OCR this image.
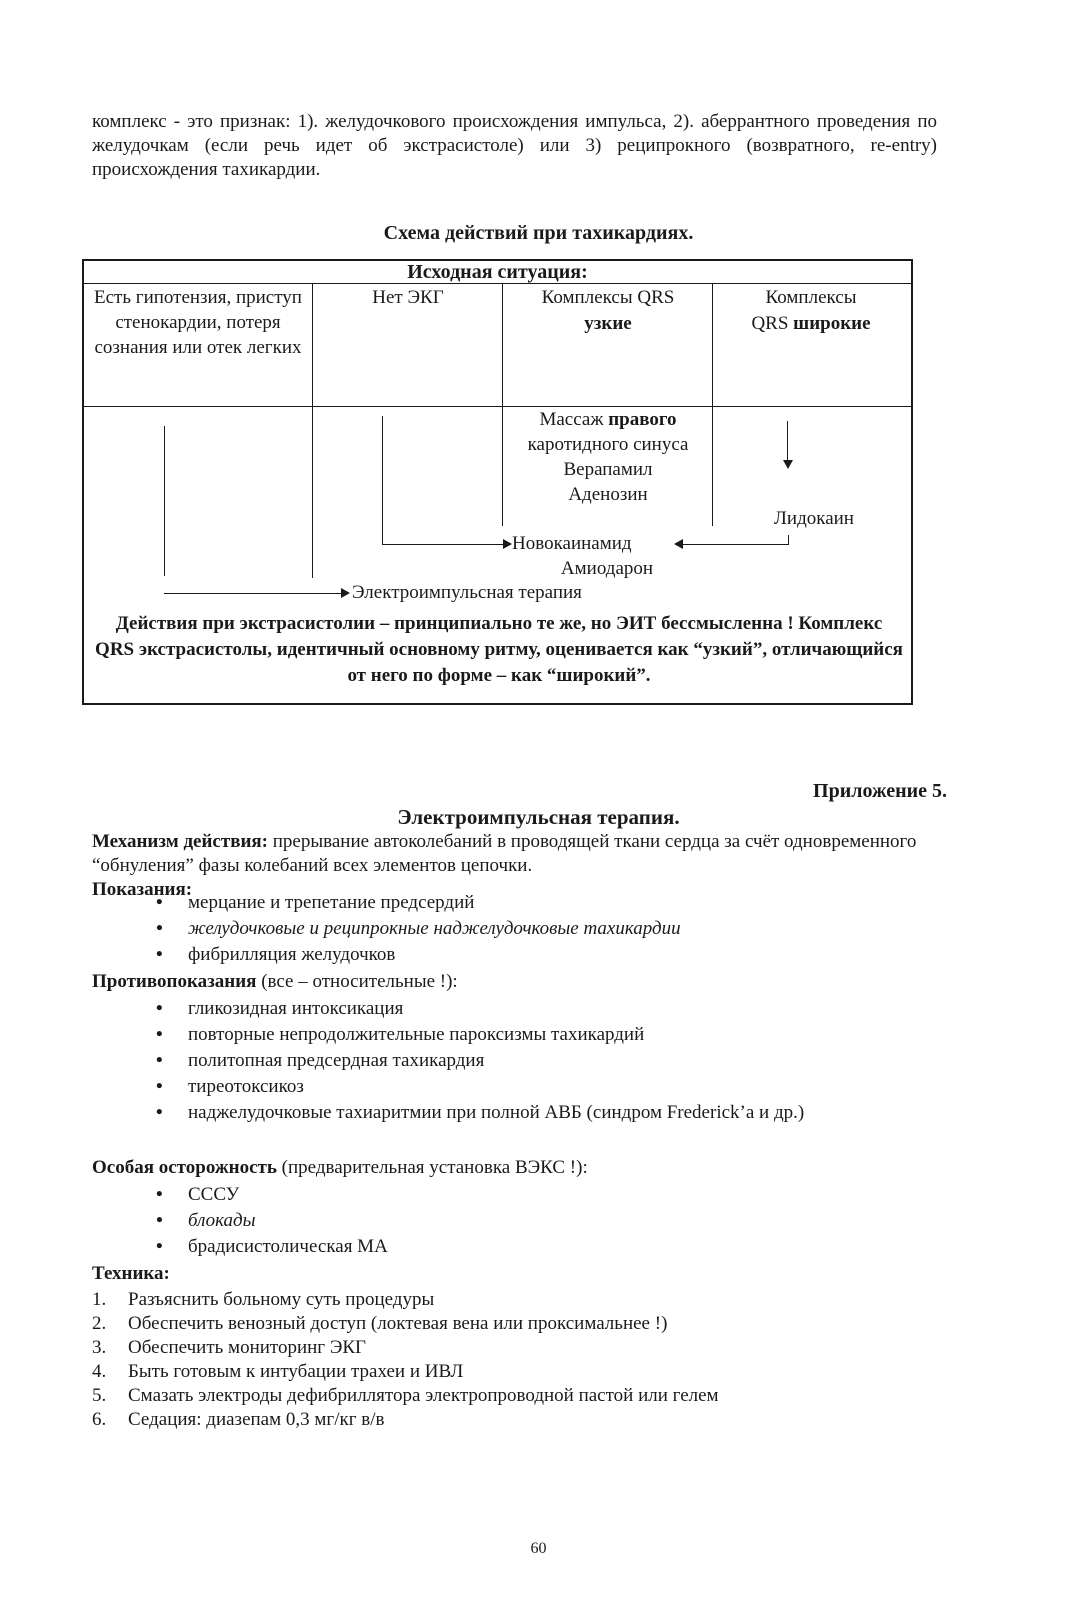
комплекс - это признак: 1). желудочкового происхождения импульса, 2). аберрантного проведения по желудочкам (если речь идет об экстрасистоле) или 3) реципрокного (возвратного, re-entry) происхождения тахикардии.
Схема действий при тахикардиях.
Исходная ситуация:
Есть гипотензия, приступ стенокардии, потеря сознания или отек легких
Нет ЭКГ	Комплексы QRS
узкие
Комплексы
QRS широкие
Массаж правого
каротидного синуса
Верапамил
Аденозин
Лидокаин
Новокаинамид
Амиодарон
Электроимпульсная терапия
Действия при экстрасистолии – принципиально те же, но ЭИТ бессмысленна ! Комплекс QRS экстрасистолы, идентичный основному ритму, оценивается как “узкий”, отличающийся от него по форме – как “широкий”.
Приложение 5.
Электроимпульсная терапия.
Механизм действия: прерывание автоколебаний в проводящей ткани сердца за счёт одновременного “обнуления” фазы колебаний всех элементов цепочки.
Показания:
• мерцание и трепетание предсердий
• желудочковые и реципрокные наджелудочковые тахикардии
• фибрилляция желудочков
Противопоказания (все – относительные !):
• гликозидная интоксикация
• повторные непродолжительные пароксизмы тахикардий
• политопная предсердная тахикардия
• тиреотоксикоз
• наджелудочковые тахиаритмии при полной АВБ (синдром Frederick’a и др.)
Особая осторожность (предварительная установка ВЭКС !):
• СССУ
• блокады
• брадисистолическая МА
Техника:
1. Разъяснить больному суть процедуры
2. Обеспечить венозный доступ (локтевая вена или проксимальнее !)
3. Обеспечить мониторинг ЭКГ
4. Быть готовым к интубации трахеи и ИВЛ
5. Смазать электроды дефибриллятора электропроводной пастой или гелем
6. Седация: диазепам 0,3 мг/кг в/в
60
